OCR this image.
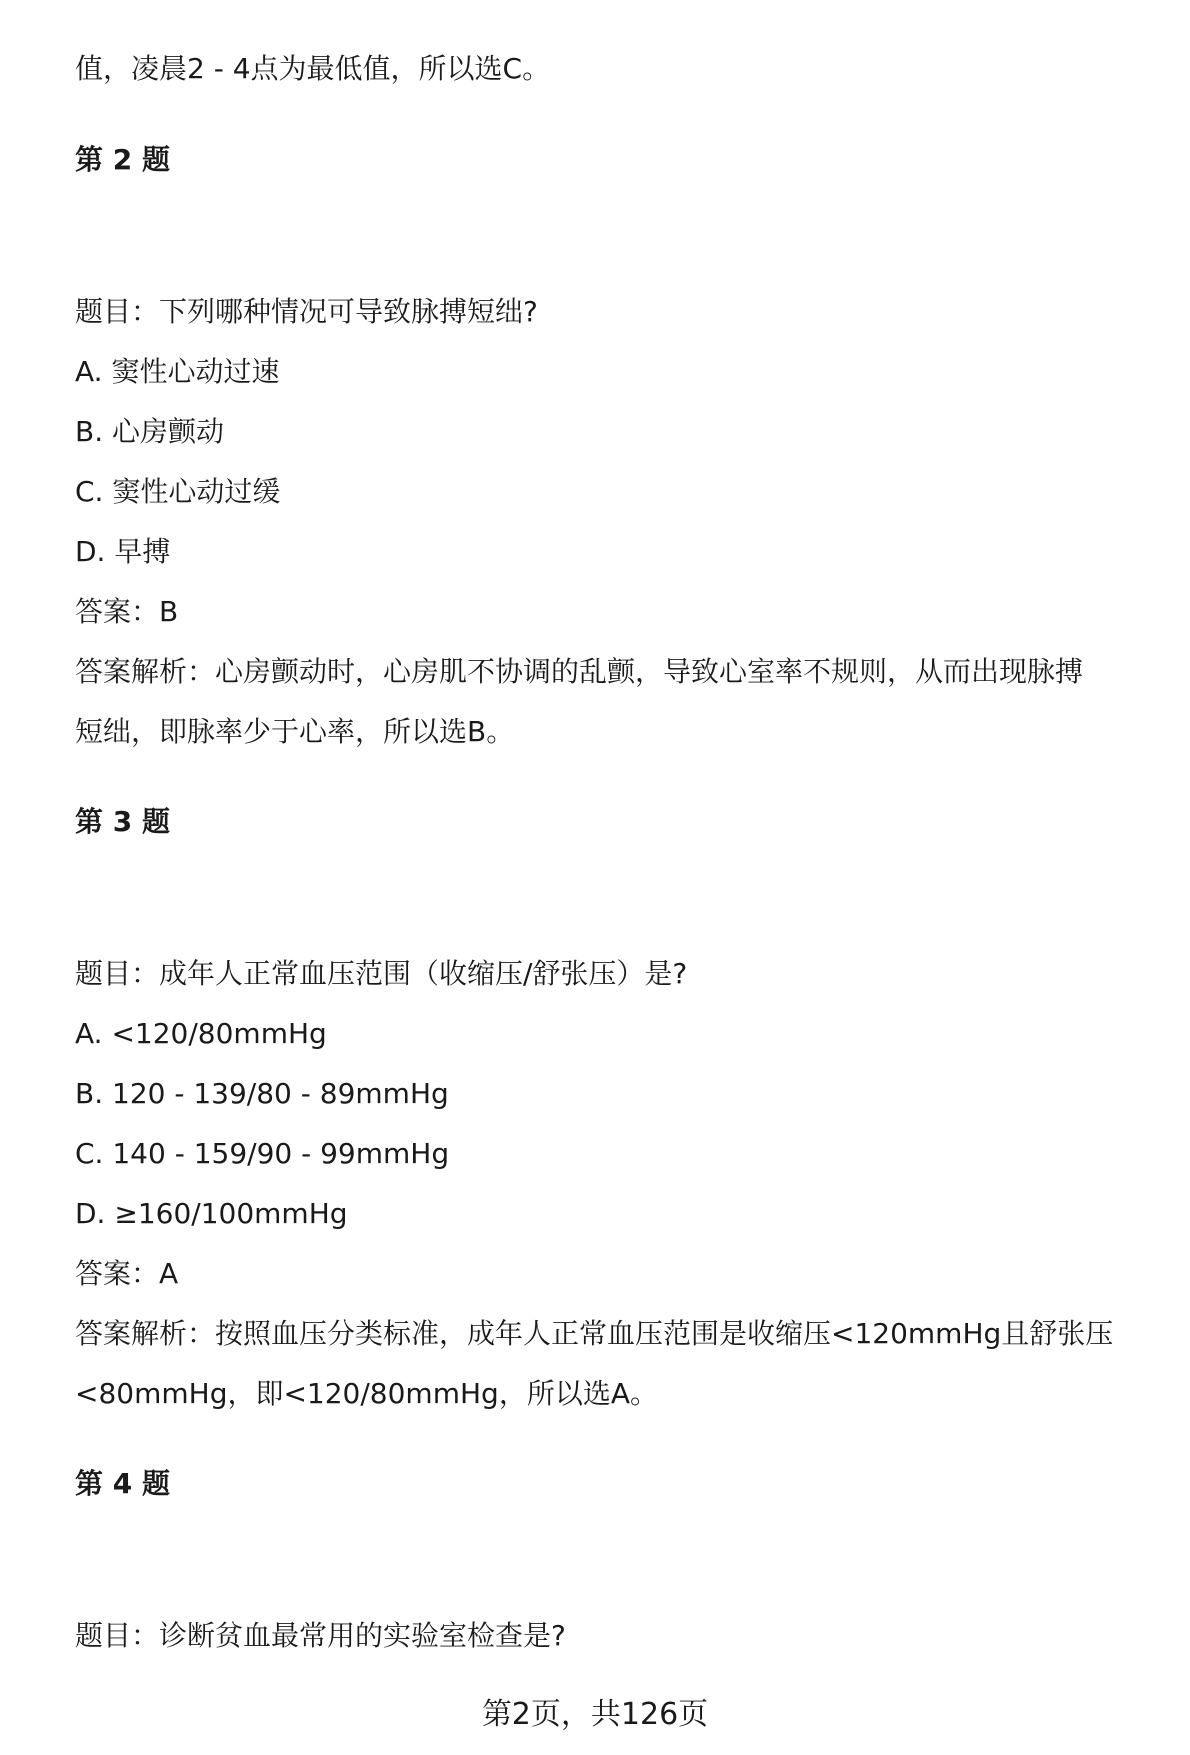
值，凌晨2 - 4点为最低值，所以选C。
第 2 题
题目：下列哪种情况可导致脉搏短绌?
A. 窦性心动过速
B. 心房颤动
C. 窦性心动过缓
D. 早搏
答案：B
答案解析：心房颤动时，心房肌不协调的乱颤，导致心室率不规则，从而出现脉搏
短绌，即脉率少于心率，所以选B。
第 3 题
题目：成年人正常血压范围（收缩压/舒张压）是?
A. <120/80mmHg
B. 120 - 139/80 - 89mmHg
C. 140 - 159/90 - 99mmHg
D. ≥160/100mmHg
答案：A
答案解析：按照血压分类标准，成年人正常血压范围是收缩压<120mmHg且舒张压
<80mmHg，即<120/80mmHg，所以选A。
第 4 题
题目：诊断贫血最常用的实验室检查是?
第2页，共126页
